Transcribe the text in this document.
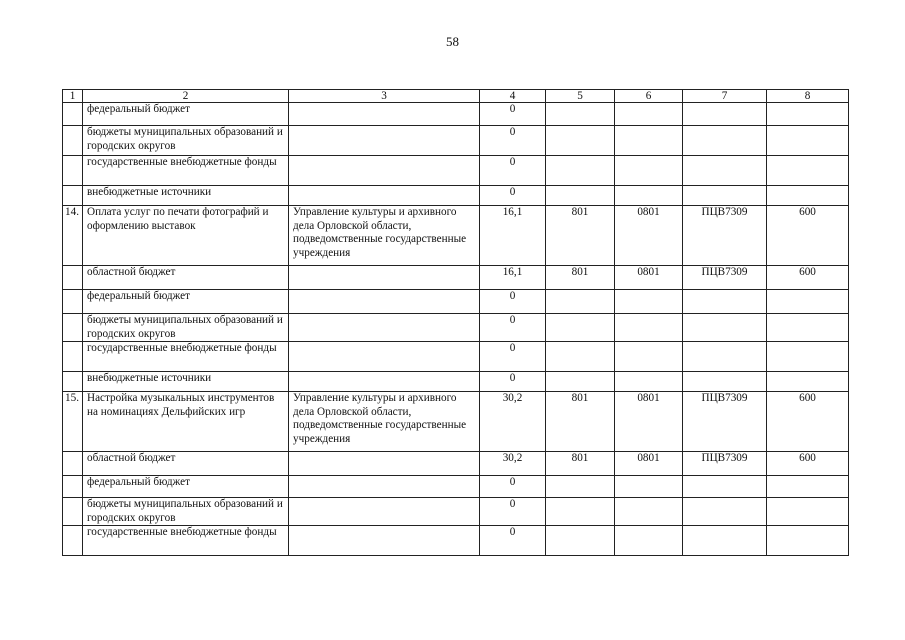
58
1	2	3	4	5	6	7	8
	федеральный бюджет		0				
	бюджеты муниципальных образований и городских округов		0				
	государственные внебюджетные фонды		0				
	внебюджетные источники		0				
14.	Оплата услуг по печати фотографий и оформлению выставок	Управление культуры и архивного дела Орловской области, подведомственные государственные учреждения	16,1	801	0801	ПЦВ7309	600
	областной бюджет		16,1	801	0801	ПЦВ7309	600
	федеральный бюджет		0				
	бюджеты муниципальных образований и городских округов		0				
	государственные внебюджетные фонды		0				
	внебюджетные источники		0				
15.	Настройка музыкальных инструментов на номинациях Дельфийских игр	Управление культуры и архивного дела Орловской области, подведомственные государственные учреждения	30,2	801	0801	ПЦВ7309	600
	областной бюджет		30,2	801	0801	ПЦВ7309	600
	федеральный бюджет		0				
	бюджеты муниципальных образований и городских округов		0				
	государственные внебюджетные фонды		0				
